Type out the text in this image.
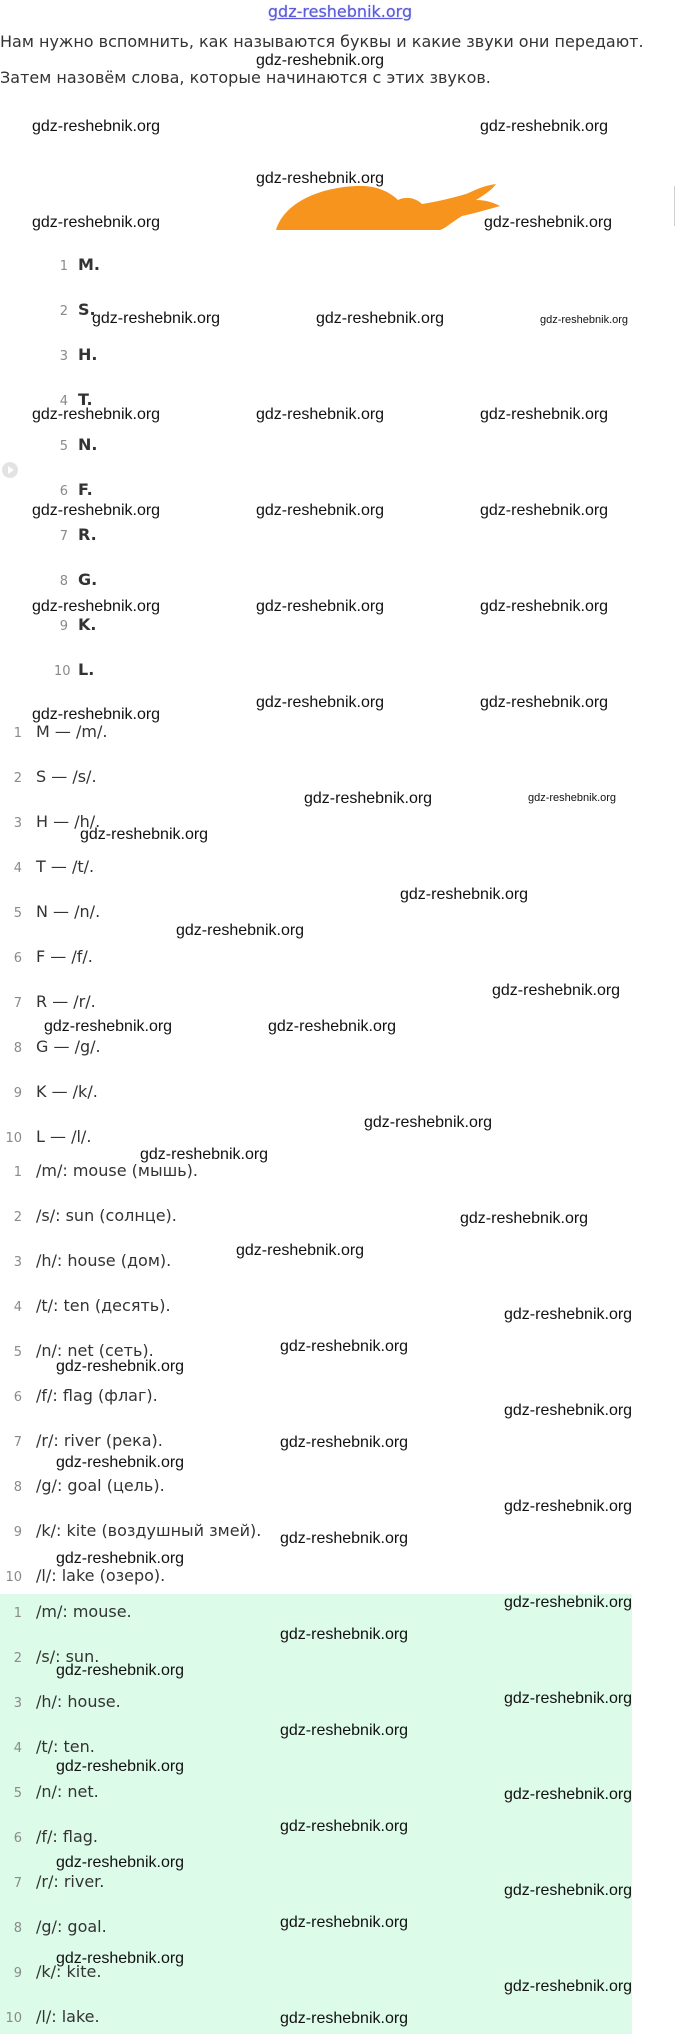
gdz-reshebnik.org
Нам нужно вспомнить, как называются буквы и какие звуки они передают.
Затем назовём слова, которые начинаются с этих звуков.
1 M.
2 S.
3 H.
4 T.
5 N.
6 F.
7 R.
8 G.
9 K.
10 L.
1 M — /m/.
2 S — /s/.
3 H — /h/.
4 T — /t/.
5 N — /n/.
6 F — /f/.
7 R — /r/.
8 G — /g/.
9 K — /k/.
10 L — /l/.
1 /m/: mouse (мышь).
2 /s/: sun (солнце).
3 /h/: house (дом).
4 /t/: ten (десять).
5 /n/: net (сеть).
6 /f/: flag (флаг).
7 /r/: river (река).
8 /g/: goal (цель).
9 /k/: kite (воздушный змей).
10 /l/: lake (озеро).
1 /m/: mouse.
2 /s/: sun.
3 /h/: house.
4 /t/: ten.
5 /n/: net.
6 /f/: flag.
7 /r/: river.
8 /g/: goal.
9 /k/: kite.
10 /l/: lake.
gdz-reshebnik.org
gdz-reshebnik.org	gdz-reshebnik.org
gdz-reshebnik.org
gdz-reshebnik.org	gdz-reshebnik.org
gdz-reshebnik.org	gdz-reshebnik.org	gdz-reshebnik.org
gdz-reshebnik.org	gdz-reshebnik.org	gdz-reshebnik.org
gdz-reshebnik.org	gdz-reshebnik.org	gdz-reshebnik.org
gdz-reshebnik.org	gdz-reshebnik.org	gdz-reshebnik.org
gdz-reshebnik.org
gdz-reshebnik.org	gdz-reshebnik.org
gdz-reshebnik.org	gdz-reshebnik.org
gdz-reshebnik.org
gdz-reshebnik.org
gdz-reshebnik.org
gdz-reshebnik.org
gdz-reshebnik.org	gdz-reshebnik.org
gdz-reshebnik.org
gdz-reshebnik.org
gdz-reshebnik.org
gdz-reshebnik.org
gdz-reshebnik.org
gdz-reshebnik.org
gdz-reshebnik.org
gdz-reshebnik.org
gdz-reshebnik.org
gdz-reshebnik.org
gdz-reshebnik.org
gdz-reshebnik.org
gdz-reshebnik.org
gdz-reshebnik.org
gdz-reshebnik.org
gdz-reshebnik.org
gdz-reshebnik.org
gdz-reshebnik.org
gdz-reshebnik.org
gdz-reshebnik.org
gdz-reshebnik.org
gdz-reshebnik.org
gdz-reshebnik.org
gdz-reshebnik.org
gdz-reshebnik.org
gdz-reshebnik.org
gdz-reshebnik.org
